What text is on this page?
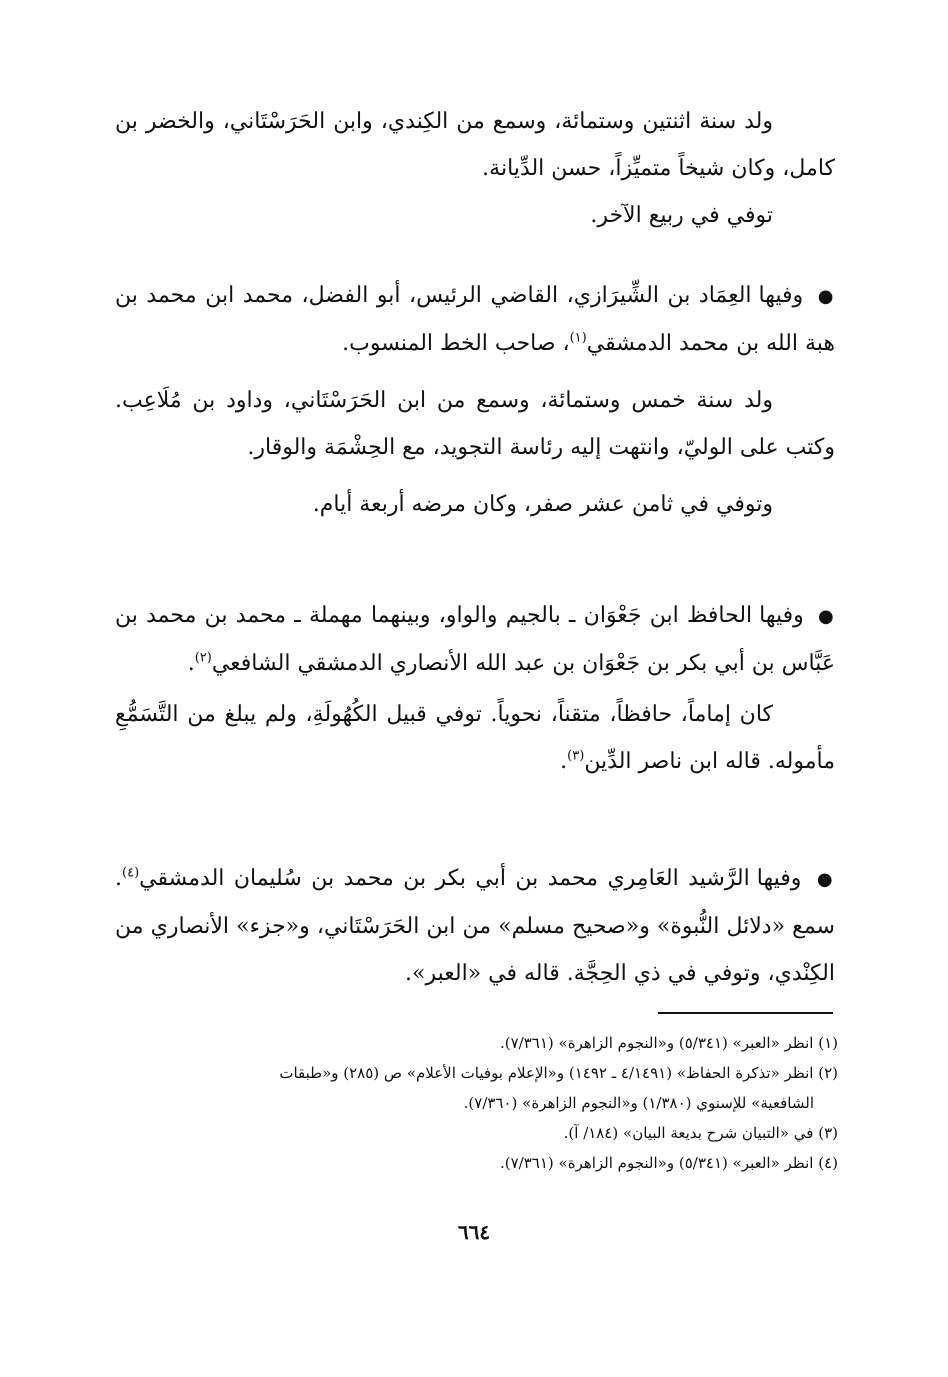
ولد سنة اثنتين وستمائة، وسمع من الكِندي، وابن الحَرَسْتَاني، والخضر بن كامل، وكان شيخاً متميِّزاً، حسن الدِّيانة.

توفي في ربيع الآخر.

● وفيها العِمَاد بن الشِّيرَازي، القاضي الرئيس، أبو الفضل، محمد ابن محمد بن هبة الله بن محمد الدمشقي$^{(١)}$، صاحب الخط المنسوب.

ولد سنة خمس وستمائة، وسمع من ابن الحَرَسْتَاني، وداود بن مُلَاعِب. وكتب على الوليّ، وانتهت إليه رئاسة التجويد، مع الحِشْمَة والوقار.

وتوفي في ثامن عشر صفر، وكان مرضه أربعة أيام.

● وفيها الحافظ ابن جَعْوَان ـ بالجيم والواو، وبينهما مهملة ـ محمد بن محمد بن عَبَّاس بن أبي بكر بن جَعْوَان بن عبد الله الأنصاري الدمشقي الشافعي$^{(٢)}$.

كان إماماً، حافظاً، متقناً، نحوياً. توفي قبيل الكُهُولَةِ، ولم يبلغ من التَّسَمُّعِ مأموله. قاله ابن ناصر الدِّين$^{(٣)}$.

● وفيها الرَّشيد العَامِري محمد بن أبي بكر بن محمد بن سُليمان الدمشقي$^{(٤)}$. سمع «دلائل النُّبوة» و«صحيح مسلم» من ابن الحَرَسْتَاني، و«جزء» الأنصاري من الكِنْدي، وتوفي في ذي الحِجَّة. قاله في «العبر».

(١) انظر «العبر» (٥/٣٤١) و«النجوم الزاهرة» (٧/٣٦١).

(٢) انظر «تذكرة الحفاظ» (٤/١٤٩١ ـ ١٤٩٢) و«الإعلام بوفيات الأعلام» ص (٢٨٥) و«طبقات

الشافعية» للإسنوي (١/٣٨٠) و«النجوم الزاهرة» (٧/٣٦٠).

(٣) في «التبيان شرح بديعة البيان» (١٨٤/ آ).

(٤) انظر «العبر» (٥/٣٤١) و«النجوم الزاهرة» (٧/٣٦١).

٦٦٤
